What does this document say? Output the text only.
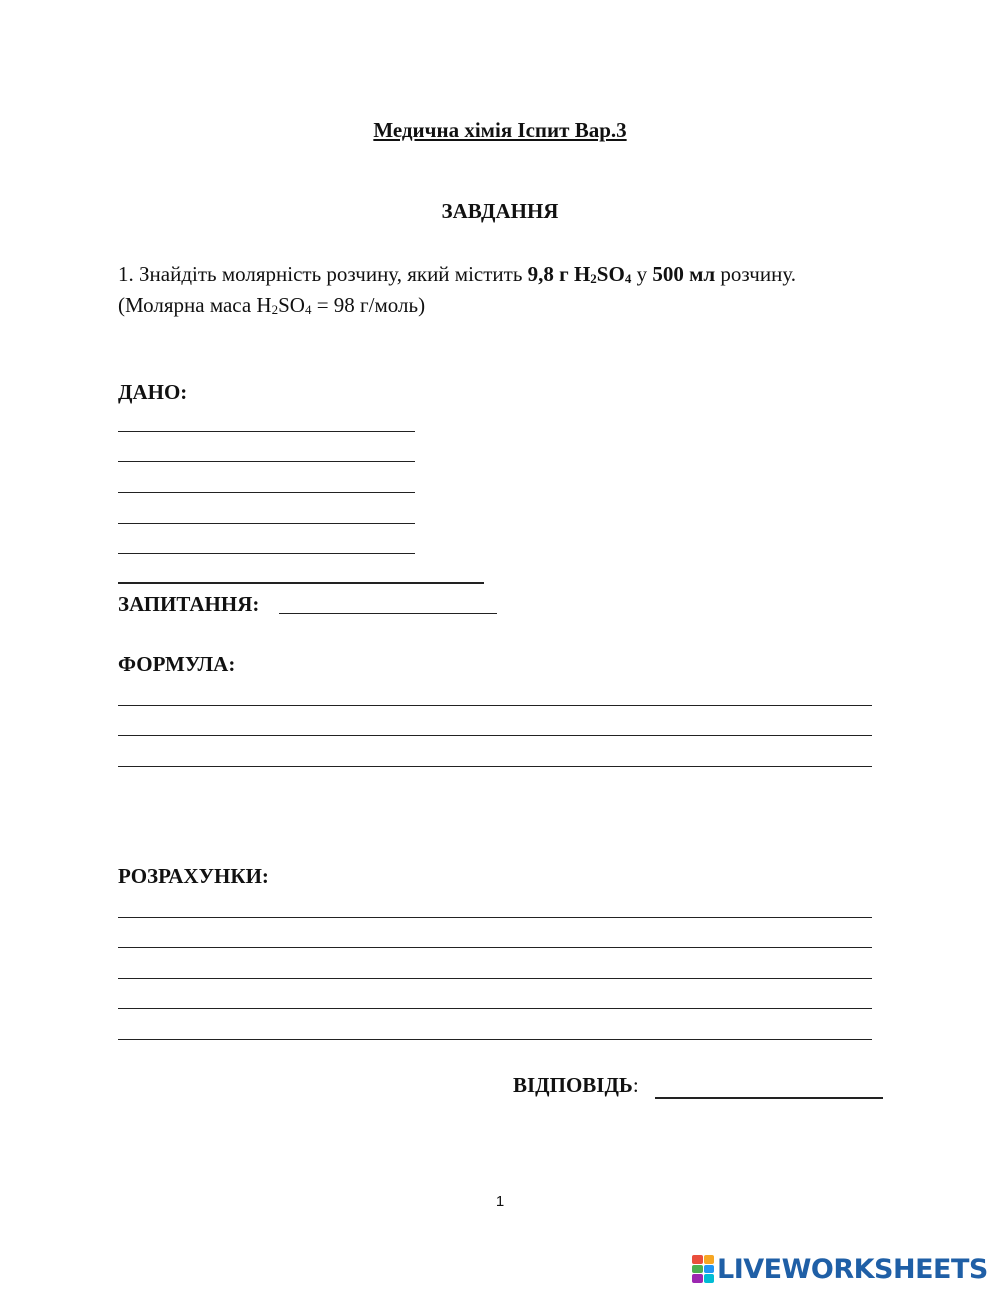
Медична хімія Іспит Вар.3
ЗАВДАННЯ
1. Знайдіть молярність розчину, який містить 9,8 г $H_2SO_4$ у 500 мл розчину.
(Молярна маса $H_2SO_4 = 98$ г/моль)
ДАНО:
ЗАПИТАННЯ:
ФОРМУЛА:
РОЗРАХУНКИ:
ВІДПОВІДЬ:
1
LIVEWORKSHEETS
